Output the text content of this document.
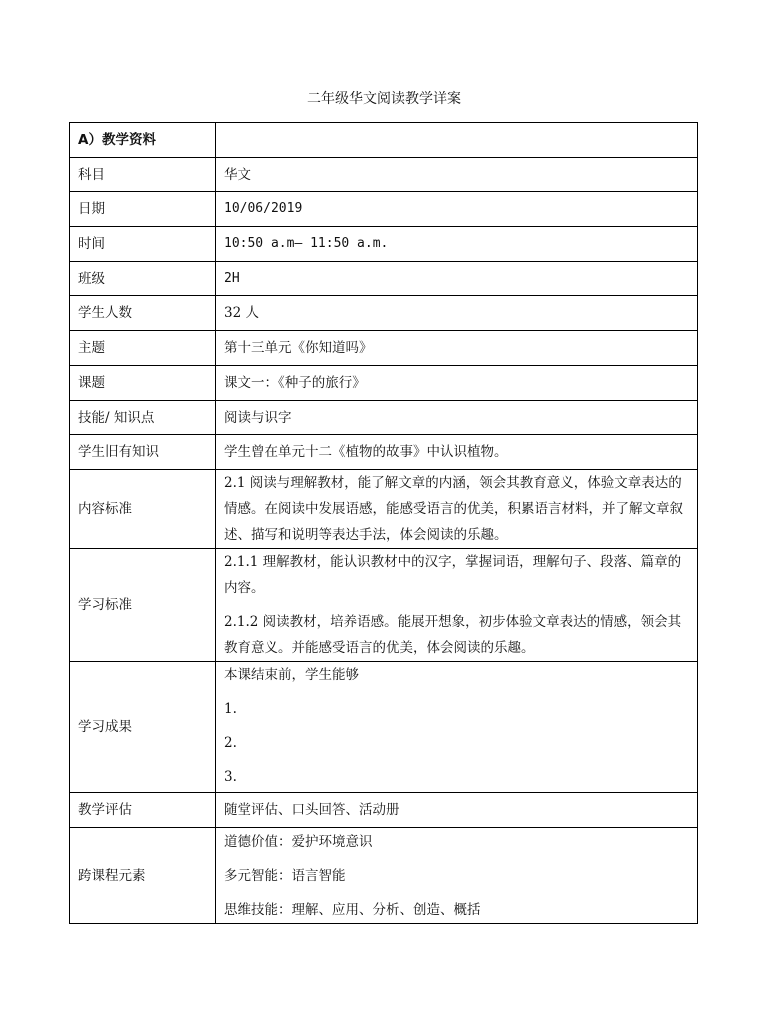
二年级华文阅读教学详案
A）教学资料	
科目	华文
日期	10/06/2019
时间	10:50 a.m– 11:50 a.m.
班级	2H
学生人数	32 人
主题	第十三单元《你知道吗》
课题	课文一：《种子的旅行》
技能/ 知识点	阅读与识字
学生旧有知识	学生曾在单元十二《植物的故事》中认识植物。
内容标准	2.1 阅读与理解教材，能了解文章的内涵，领会其教育意义，体验文章表达的情感。在阅读中发展语感，能感受语言的优美，积累语言材料，并了解文章叙述、描写和说明等表达手法，体会阅读的乐趣。

学习标准	2.1.1 理解教材，能认识教材中的汉字，掌握词语，理解句子、段落、篇章的内容。

2.1.2 阅读教材，培养语感。能展开想象，初步体验文章表达的情感，领会其教育意义。并能感受语言的优美，体会阅读的乐趣。

学习成果	本课结束前，学生能够

1.

2.

3.

教学评估	随堂评估、口头回答、活动册
跨课程元素	道德价值：爱护环境意识

多元智能：语言智能

思维技能：理解、应用、分析、创造、概括
